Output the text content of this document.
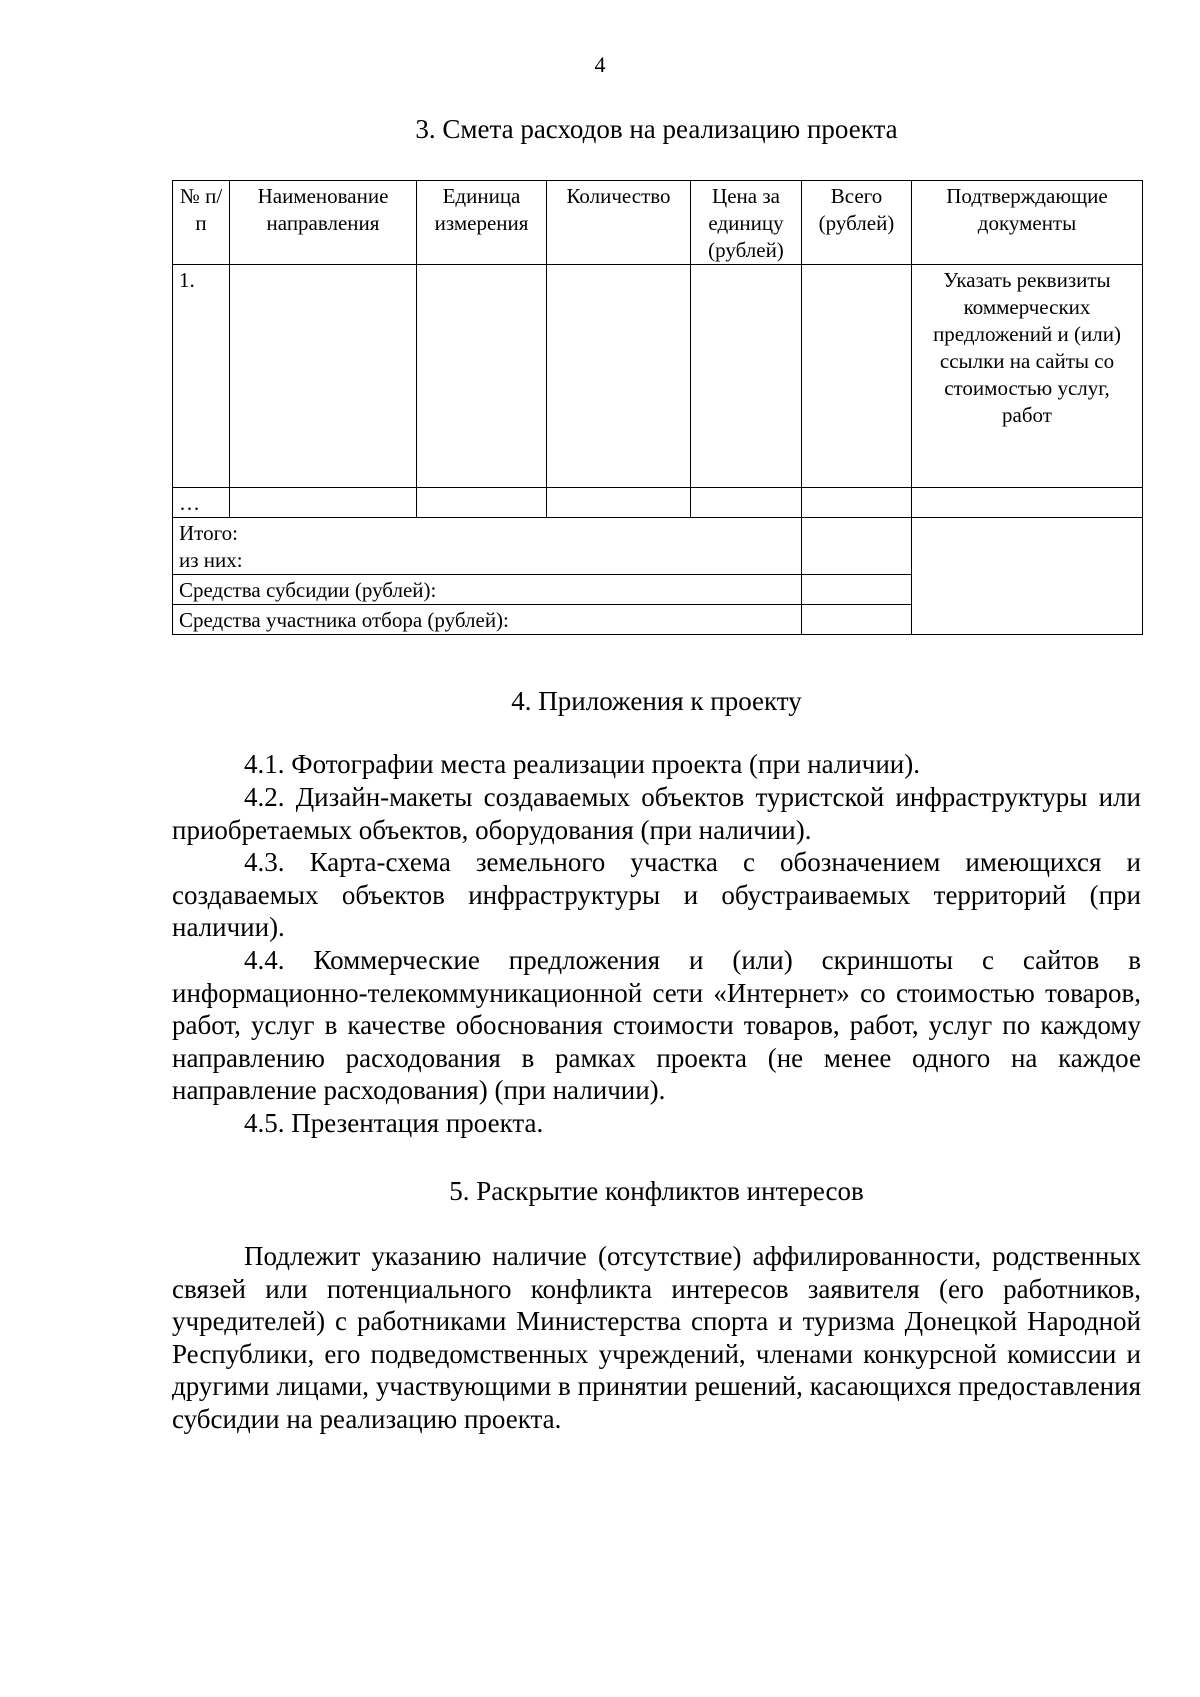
4
3. Смета расходов на реализацию проекта
№ п/п	Наименование направления	Единица измерения	Количество	Цена за единицу (рублей)	Всего (рублей)	Подтверждающие документы
1.						Указать реквизиты коммерческих предложений и (или) ссылки на сайты со стоимостью услуг, работ
…						

Итого:
из них:						

Средства субсидии (рублей):						
Средства участника отбора (рублей):						
4. Приложения к проекту

4.1. Фотографии места реализации проекта (при наличии).

4.2. Дизайн-макеты создаваемых объектов туристской инфраструктуры или приобретаемых объектов, оборудования (при наличии).

4.3. Карта-схема земельного участка с обозначением имеющихся и создаваемых объектов инфраструктуры и обустраиваемых территорий (при наличии).

4.4. Коммерческие предложения и (или) скриншоты с сайтов в информационно-телекоммуникационной сети «Интернет» со стоимостью товаров, работ, услуг в качестве обоснования стоимости товаров, работ, услуг по каждому направлению расходования в рамках проекта (не менее одного на каждое направление расходования) (при наличии).

4.5. Презентация проекта.

5. Раскрытие конфликтов интересов

Подлежит указанию наличие (отсутствие) аффилированности, родственных связей или потенциального конфликта интересов заявителя (его работников, учредителей) с работниками Министерства спорта и туризма Донецкой Народной Республики, его подведомственных учреждений, членами конкурсной комиссии и другими лицами, участвующими в принятии решений, касающихся предоставления субсидии на реализацию проекта.
